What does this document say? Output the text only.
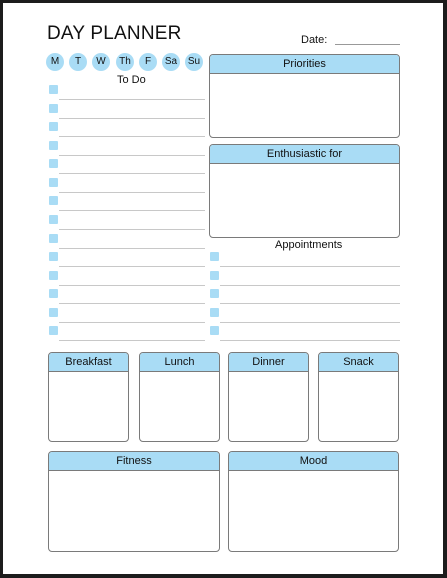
DAY PLANNER	Date:
M	T	W	Th	F	Sa Su
To Do
Priorities
Enthusiastic for
Appointments
Breakfast	Lunch	Dinner	Snack
Fitness	Mood
